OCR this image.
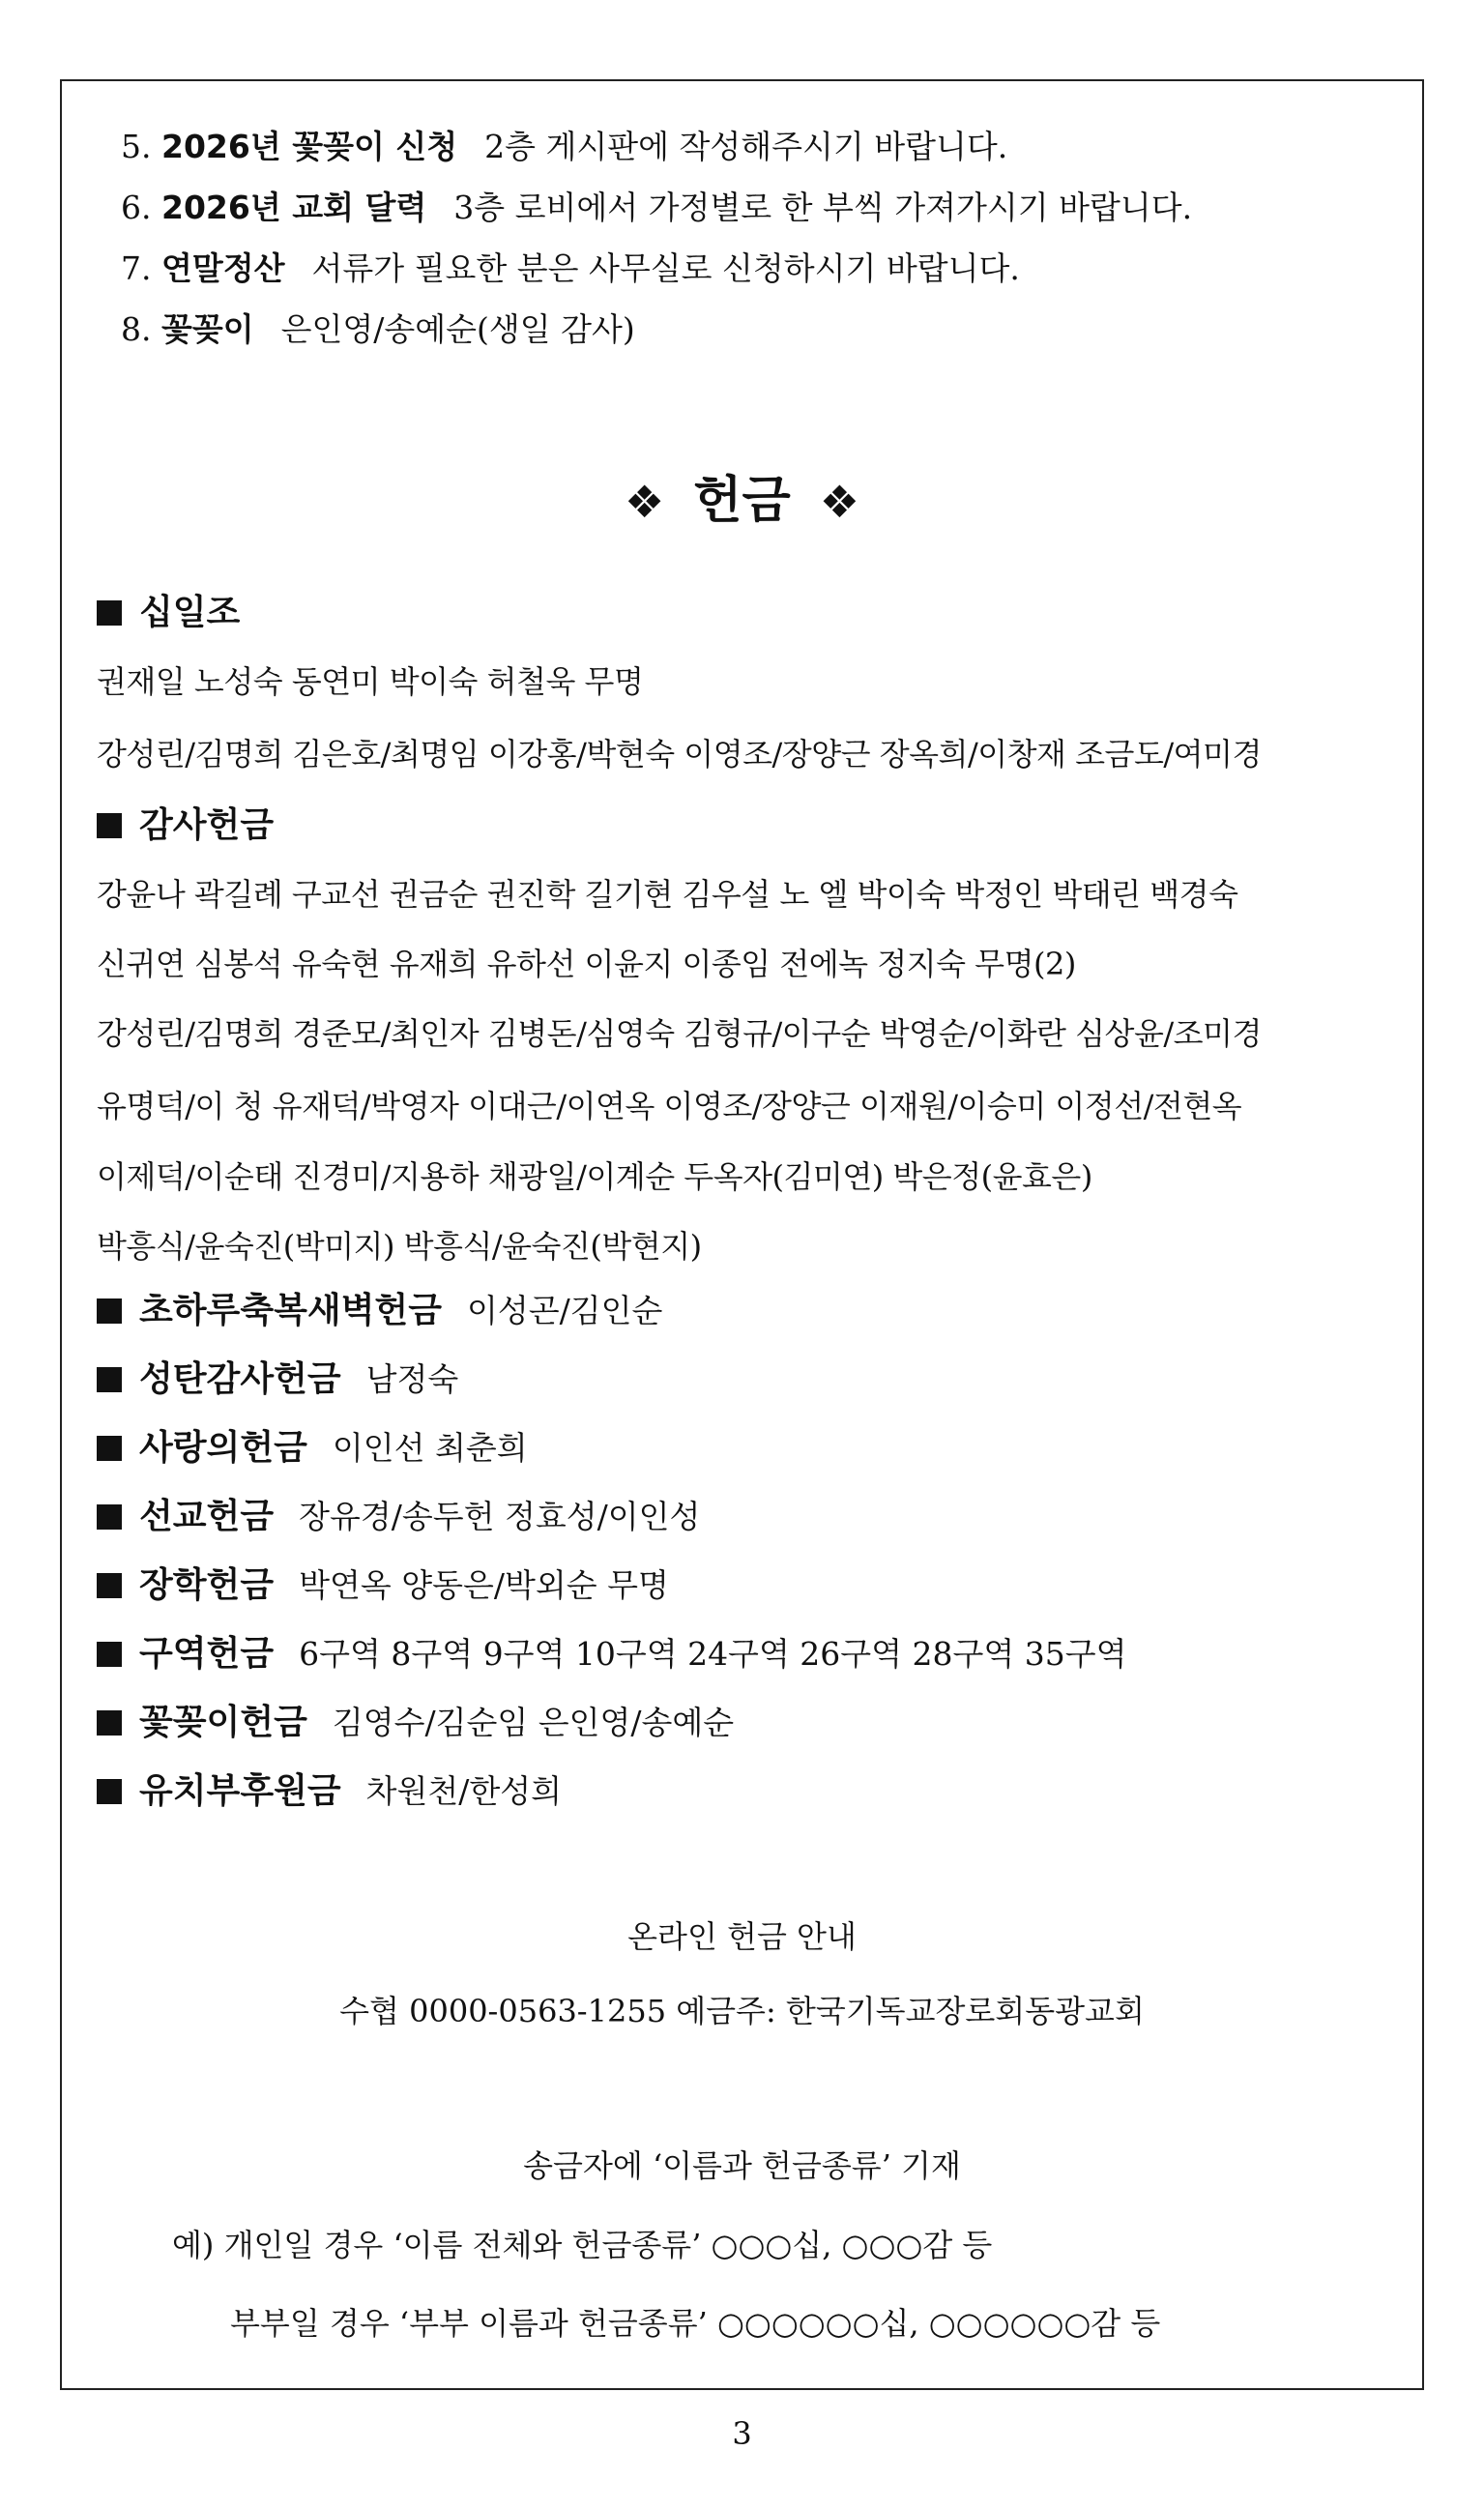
5. 2026년 꽃꽂이 신청 2층 게시판에 작성해주시기 바랍니다.
6. 2026년 교회 달력 3층 로비에서 가정별로 한 부씩 가져가시기 바랍니다.
7. 연말정산 서류가 필요한 분은 사무실로 신청하시기 바랍니다.
8. 꽃꽂이 은인영/송예순(생일 감사)
❖ 헌금 ❖
십일조
권재일 노성숙 동연미 박이숙 허철욱 무명
강성린/김명희 김은호/최명임 이강홍/박현숙 이영조/장양근 장옥희/이창재 조금도/여미경
감사헌금
강윤나 곽길례 구교선 권금순 권진학 길기현 김우설 노 엘 박이숙 박정인 박태린 백경숙
신귀연 심봉석 유숙현 유재희 유하선 이윤지 이종임 전에녹 정지숙 무명(2)
강성린/김명희 경준모/최인자 김병돈/심영숙 김형규/이구순 박영순/이화란 심상윤/조미경
유명덕/이 청 유재덕/박영자 이대근/이연옥 이영조/장양근 이재원/이승미 이정선/전현옥
이제덕/이순태 진경미/지용하 채광일/이계순 두옥자(김미연) 박은정(윤효은)
박흥식/윤숙진(박미지) 박흥식/윤숙진(박현지)
초하루축복새벽헌금 이성곤/김인순
성탄감사헌금 남정숙
사랑의헌금 이인선 최춘희
선교헌금 장유경/송두헌 정효성/이인성
장학헌금 박연옥 양동은/박외순 무명
구역헌금 6구역 8구역 9구역 10구역 24구역 26구역 28구역 35구역
꽃꽂이헌금 김영수/김순임 은인영/송예순
유치부후원금 차원천/한성희
온라인 헌금 안내
수협 0000-0563-1255 예금주: 한국기독교장로회동광교회
송금자에 ‘이름과 헌금종류’ 기재
예) 개인일 경우 ‘이름 전체와 헌금종류’ ○○○십, ○○○감 등
부부일 경우 ‘부부 이름과 헌금종류’ ○○○○○○십, ○○○○○○감 등
3
